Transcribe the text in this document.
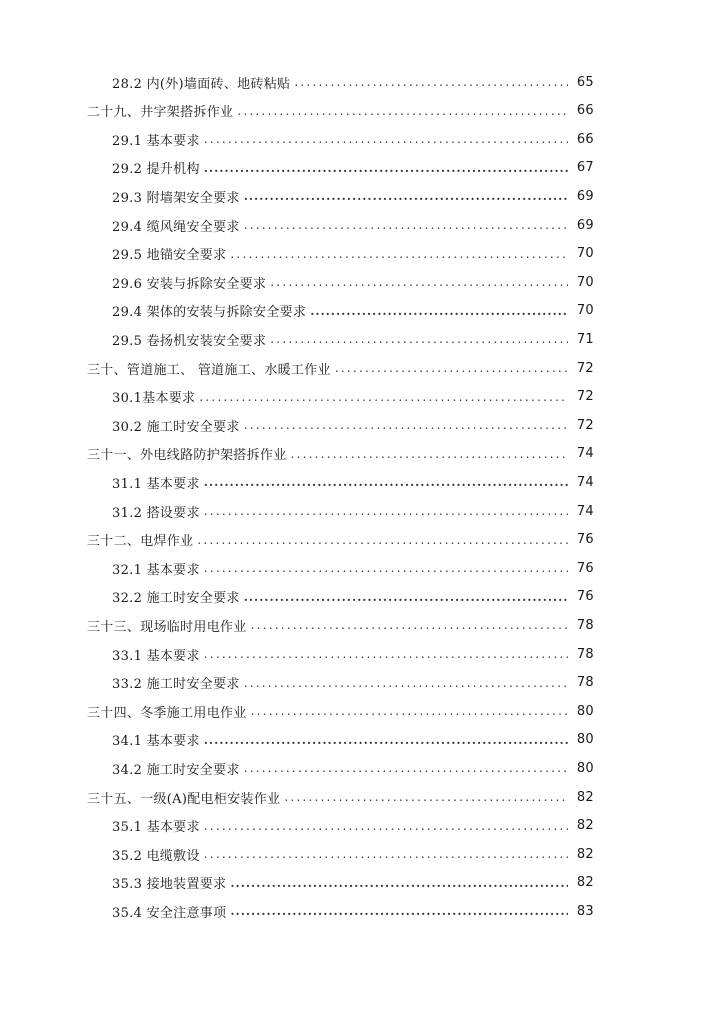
28.2 内(外)墙面砖、地砖粘贴 . . .	65
二十九、井字架搭拆作业 . . .	66
29.1 基本要求 . . .	66
29.2 提升机构 . . .	67
29.3 附墙架安全要求 . . .	69
29.4 缆风绳安全要求 . . .	69
29.5 地锚安全要求 . . .	70
29.6 安装与拆除安全要求 . . .	70
29.4 架体的安装与拆除安全要求 . . .	70
29.5 卷扬机安装安全要求 . . .	71
三十、管道施工、 管道施工、水暖工作业 . . .	72
30.1基本要求 . . .	72
30.2 施工时安全要求 . . .	72
三十一、外电线路防护架搭拆作业 . . .	74
31.1 基本要求 . . .	74
31.2 搭设要求 . . .	74
三十二、电焊作业 . . .	76
32.1 基本要求 . . .	76
32.2 施工时安全要求 . . .	76
三十三、现场临时用电作业 . . .	78
33.1 基本要求 . . .	78
33.2 施工时安全要求 . . .	78
三十四、冬季施工用电作业 . . .	80
34.1 基本要求 . . .	80
34.2 施工时安全要求 . . .	80
三十五、一级(A)配电柜安装作业 . . .	82
35.1 基本要求 . . .	82
35.2 电缆敷设 . . .	82
35.3 接地装置要求 . . .	82
35.4 安全注意事项 . . .	83
